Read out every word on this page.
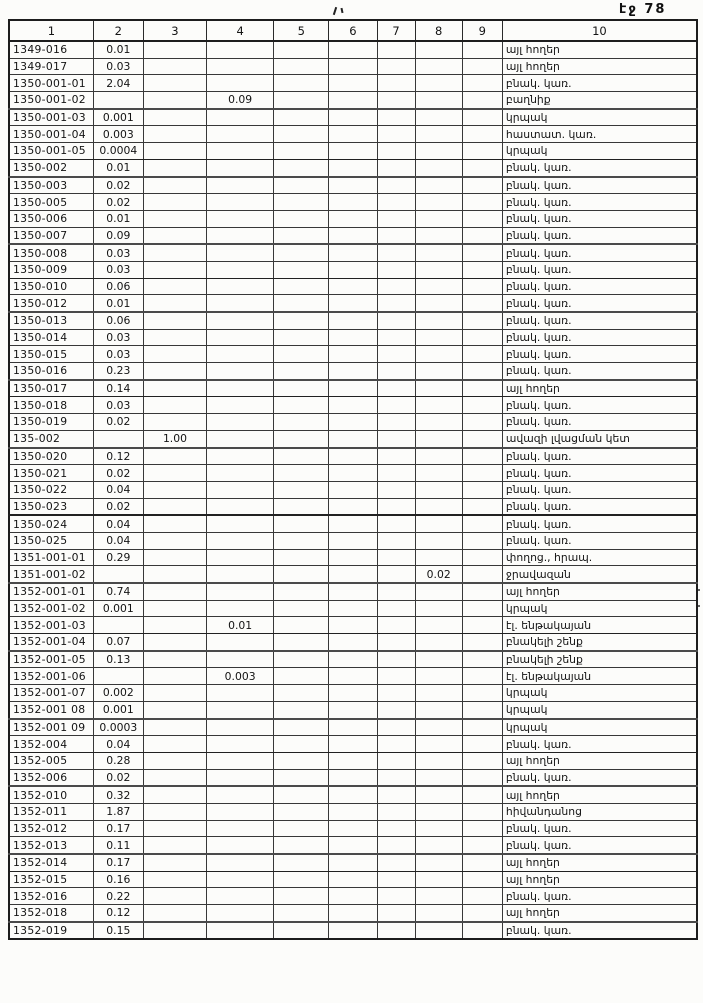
էջ 78
1	2	3	4	5	6	7	8	9	10
1349-016	0.01								այլ հողեր
1349-017	0.03								այլ հողեր
1350-001-01	2.04								բնակ. կառ.
1350-001-02			0.09						բաղնիք
1350-001-03	0.001								կրպակ
1350-001-04	0.003								հաստատ. կառ.
1350-001-05	0.0004								կրպակ
1350-002	0.01								բնակ. կառ.
1350-003	0.02								բնակ. կառ.
1350-005	0.02								բնակ. կառ.
1350-006	0.01								բնակ. կառ.
1350-007	0.09								բնակ. կառ.
1350-008	0.03								բնակ. կառ.
1350-009	0.03								բնակ. կառ.
1350-010	0.06								բնակ. կառ.
1350-012	0.01								բնակ. կառ.
1350-013	0.06								բնակ. կառ.
1350-014	0.03								բնակ. կառ.
1350-015	0.03								բնակ. կառ.
1350-016	0.23								բնակ. կառ.
1350-017	0.14								այլ հողեր
1350-018	0.03								բնակ. կառ.
1350-019	0.02								բնակ. կառ.
135-002		1.00							ավազի լվացման կետ
1350-020	0.12								բնակ. կառ.
1350-021	0.02								բնակ. կառ.
1350-022	0.04								բնակ. կառ.
1350-023	0.02								բնակ. կառ.
1350-024	0.04								բնակ. կառ.
1350-025	0.04								բնակ. կառ.
1351-001-01	0.29								փողոց., հրապ.
1351-001-02							0.02		ջրավազան
1352-001-01	0.74								այլ հողեր
1352-001-02	0.001								կրպակ
1352-001-03			0.01						էլ. ենթակայան
1352-001-04	0.07								բնակելի շենք
1352-001-05	0.13								բնակելի շենք
1352-001-06			0.003						էլ. ենթակայան
1352-001-07	0.002								կրպակ
1352-001 08	0.001								կրպակ
1352-001 09	0.0003								կրպակ
1352-004	0.04								բնակ. կառ.
1352-005	0.28								այլ հողեր
1352-006	0.02								բնակ. կառ.
1352-010	0.32								այլ հողեր
1352-011	1.87								հիվանդանոց
1352-012	0.17								բնակ. կառ.
1352-013	0.11								բնակ. կառ.
1352-014	0.17								այլ հողեր
1352-015	0.16								այլ հողեր
1352-016	0.22								բնակ. կառ.
1352-018	0.12								այլ հողեր
1352-019	0.15								բնակ. կառ.
